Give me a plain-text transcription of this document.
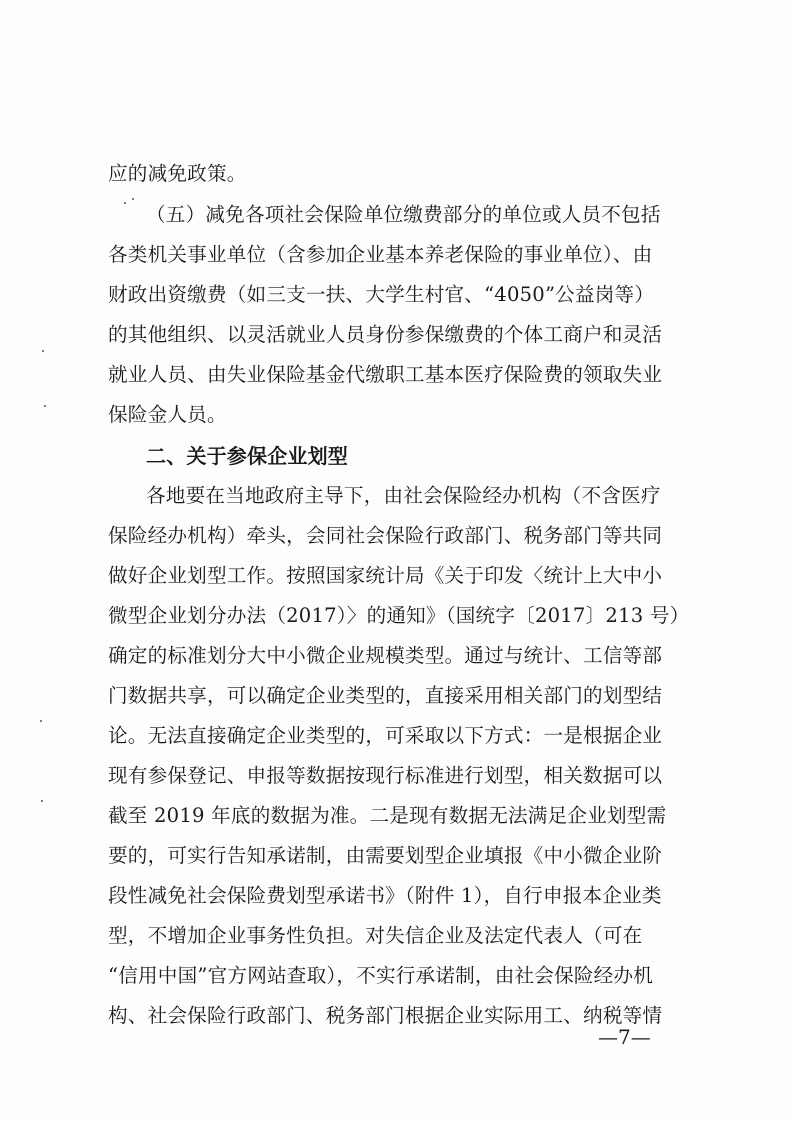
应的减免政策。
（五）减免各项社会保险单位缴费部分的单位或人员不包括
各类机关事业单位（含参加企业基本养老保险的事业单位）、由
财政出资缴费（如三支一扶、大学生村官、“4050”公益岗等）
的其他组织、以灵活就业人员身份参保缴费的个体工商户和灵活
就业人员、由失业保险基金代缴职工基本医疗保险费的领取失业
保险金人员。
二、关于参保企业划型
各地要在当地政府主导下，由社会保险经办机构（不含医疗
保险经办机构）牵头，会同社会保险行政部门、税务部门等共同
做好企业划型工作。按照国家统计局《关于印发〈统计上大中小
微型企业划分办法（2017）〉的通知》（国统字〔2017〕213 号）
确定的标准划分大中小微企业规模类型。通过与统计、工信等部
门数据共享，可以确定企业类型的，直接采用相关部门的划型结
论。无法直接确定企业类型的，可采取以下方式：一是根据企业
现有参保登记、申报等数据按现行标准进行划型，相关数据可以
截至 2019 年底的数据为准。二是现有数据无法满足企业划型需
要的，可实行告知承诺制，由需要划型企业填报《中小微企业阶
段性减免社会保险费划型承诺书》（附件 1），自行申报本企业类
型，不增加企业事务性负担。对失信企业及法定代表人（可在
“信用中国”官方网站查取），不实行承诺制，由社会保险经办机
构、社会保险行政部门、税务部门根据企业实际用工、纳税等情
—7—
